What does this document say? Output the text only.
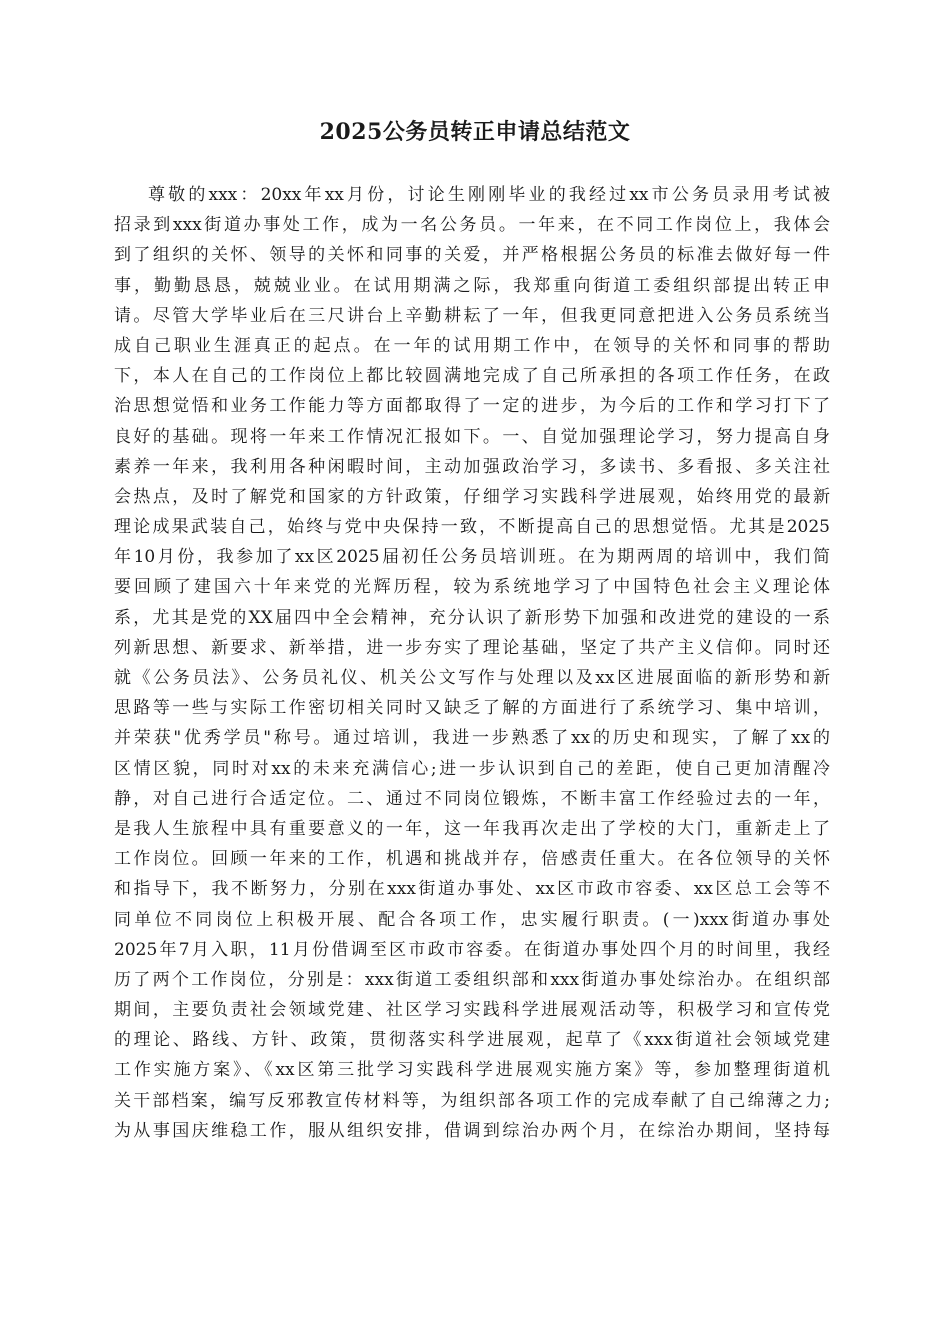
2025公务员转正申请总结范文
尊敬的xxx：20xx年xx月份，讨论生刚刚毕业的我经过xx市公务员录用考试被
招录到xxx街道办事处工作，成为一名公务员。一年来，在不同工作岗位上，我体会
到了组织的关怀、领导的关怀和同事的关爱，并严格根据公务员的标准去做好每一件
事，勤勤恳恳，兢兢业业。在试用期满之际，我郑重向街道工委组织部提出转正申
请。尽管大学毕业后在三尺讲台上辛勤耕耘了一年，但我更同意把进入公务员系统当
成自己职业生涯真正的起点。在一年的试用期工作中，在领导的关怀和同事的帮助
下，本人在自己的工作岗位上都比较圆满地完成了自己所承担的各项工作任务，在政
治思想觉悟和业务工作能力等方面都取得了一定的进步，为今后的工作和学习打下了
良好的基础。现将一年来工作情况汇报如下。一、自觉加强理论学习，努力提高自身
素养一年来，我利用各种闲暇时间，主动加强政治学习，多读书、多看报、多关注社
会热点，及时了解党和国家的方针政策，仔细学习实践科学进展观，始终用党的最新
理论成果武装自己，始终与党中央保持一致，不断提高自己的思想觉悟。尤其是2025
年10月份，我参加了xx区2025届初任公务员培训班。在为期两周的培训中，我们简
要回顾了建国六十年来党的光辉历程，较为系统地学习了中国特色社会主义理论体
系，尤其是党的XX届四中全会精神，充分认识了新形势下加强和改进党的建设的一系
列新思想、新要求、新举措，进一步夯实了理论基础，坚定了共产主义信仰。同时还
就《公务员法》、公务员礼仪、机关公文写作与处理以及xx区进展面临的新形势和新
思路等一些与实际工作密切相关同时又缺乏了解的方面进行了系统学习、集中培训，
并荣获"优秀学员"称号。通过培训，我进一步熟悉了xx的历史和现实，了解了xx的
区情区貌，同时对xx的未来充满信心;进一步认识到自己的差距，使自己更加清醒冷
静，对自己进行合适定位。二、通过不同岗位锻炼，不断丰富工作经验过去的一年，
是我人生旅程中具有重要意义的一年，这一年我再次走出了学校的大门，重新走上了
工作岗位。回顾一年来的工作，机遇和挑战并存，倍感责任重大。在各位领导的关怀
和指导下，我不断努力，分别在xxx街道办事处、xx区市政市容委、xx区总工会等不
同单位不同岗位上积极开展、配合各项工作，忠实履行职责。(一)xxx街道办事处
2025年7月入职，11月份借调至区市政市容委。在街道办事处四个月的时间里，我经
历了两个工作岗位，分别是：xxx街道工委组织部和xxx街道办事处综治办。在组织部
期间，主要负责社会领域党建、社区学习实践科学进展观活动等，积极学习和宣传党
的理论、路线、方针、政策，贯彻落实科学进展观，起草了《xxx街道社会领域党建
工作实施方案》、《xx区第三批学习实践科学进展观实施方案》等，参加整理街道机
关干部档案，编写反邪教宣传材料等，为组织部各项工作的完成奉献了自己绵薄之力;
为从事国庆维稳工作，服从组织安排，借调到综治办两个月，在综治办期间，坚持每
